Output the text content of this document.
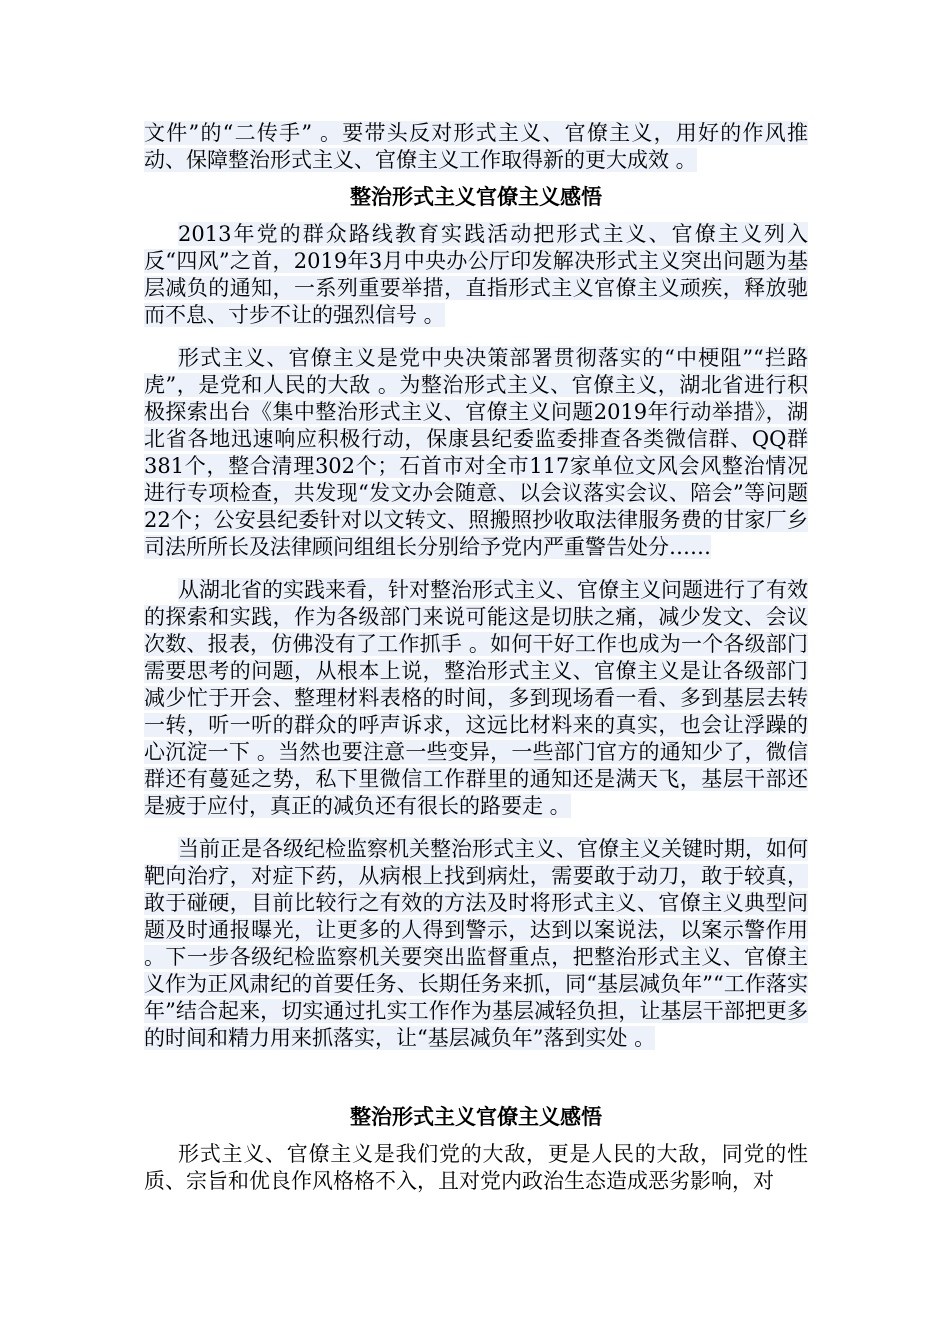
文件”的“二传手” 。要带头反对形式主义、官僚主义，用好的作风推动、保障整治形式主义、官僚主义工作取得新的更大成效 。

整治形式主义官僚主义感悟

2013年党的群众路线教育实践活动把形式主义、官僚主义列入反“四风”之首，2019年3月中央办公厅印发解决形式主义突出问题为基层减负的通知，一系列重要举措，直指形式主义官僚主义顽疾，释放驰而不息、寸步不让的强烈信号 。

形式主义、官僚主义是党中央决策部署贯彻落实的“中梗阻”“拦路虎”，是党和人民的大敌 。为整治形式主义、官僚主义，湖北省进行积极探索出台《集中整治形式主义、官僚主义问题2019年行动举措》，湖北省各地迅速响应积极行动，保康县纪委监委排查各类微信群、QQ群381个，整合清理302个；石首市对全市117家单位文风会风整治情况进行专项检查，共发现“发文办会随意、以会议落实会议、陪会”等问题22个；公安县纪委针对以文转文、照搬照抄收取法律服务费的甘家厂乡司法所所长及法律顾问组组长分别给予党内严重警告处分……

从湖北省的实践来看，针对整治形式主义、官僚主义问题进行了有效的探索和实践，作为各级部门来说可能这是切肤之痛，减少发文、会议次数、报表，仿佛没有了工作抓手 。如何干好工作也成为一个各级部门需要思考的问题，从根本上说，整治形式主义、官僚主义是让各级部门减少忙于开会、整理材料表格的时间，多到现场看一看、多到基层去转一转，听一听的群众的呼声诉求，这远比材料来的真实，也会让浮躁的心沉淀一下 。当然也要注意一些变异，一些部门官方的通知少了，微信群还有蔓延之势，私下里微信工作群里的通知还是满天飞，基层干部还是疲于应付，真正的减负还有很长的路要走 。

当前正是各级纪检监察机关整治形式主义、官僚主义关键时期，如何靶向治疗，对症下药，从病根上找到病灶，需要敢于动刀，敢于较真，敢于碰硬，目前比较行之有效的方法及时将形式主义、官僚主义典型问题及时通报曝光，让更多的人得到警示，达到以案说法，以案示警作用 。下一步各级纪检监察机关要突出监督重点，把整治形式主义、官僚主义作为正风肃纪的首要任务、长期任务来抓，同“基层减负年”“工作落实年”结合起来，切实通过扎实工作作为基层减轻负担，让基层干部把更多的时间和精力用来抓落实，让“基层减负年”落到实处 。

整治形式主义官僚主义感悟

形式主义、官僚主义是我们党的大敌，更是人民的大敌，同党的性质、宗旨和优良作风格格不入，且对党内政治生态造成恶劣影响，对
